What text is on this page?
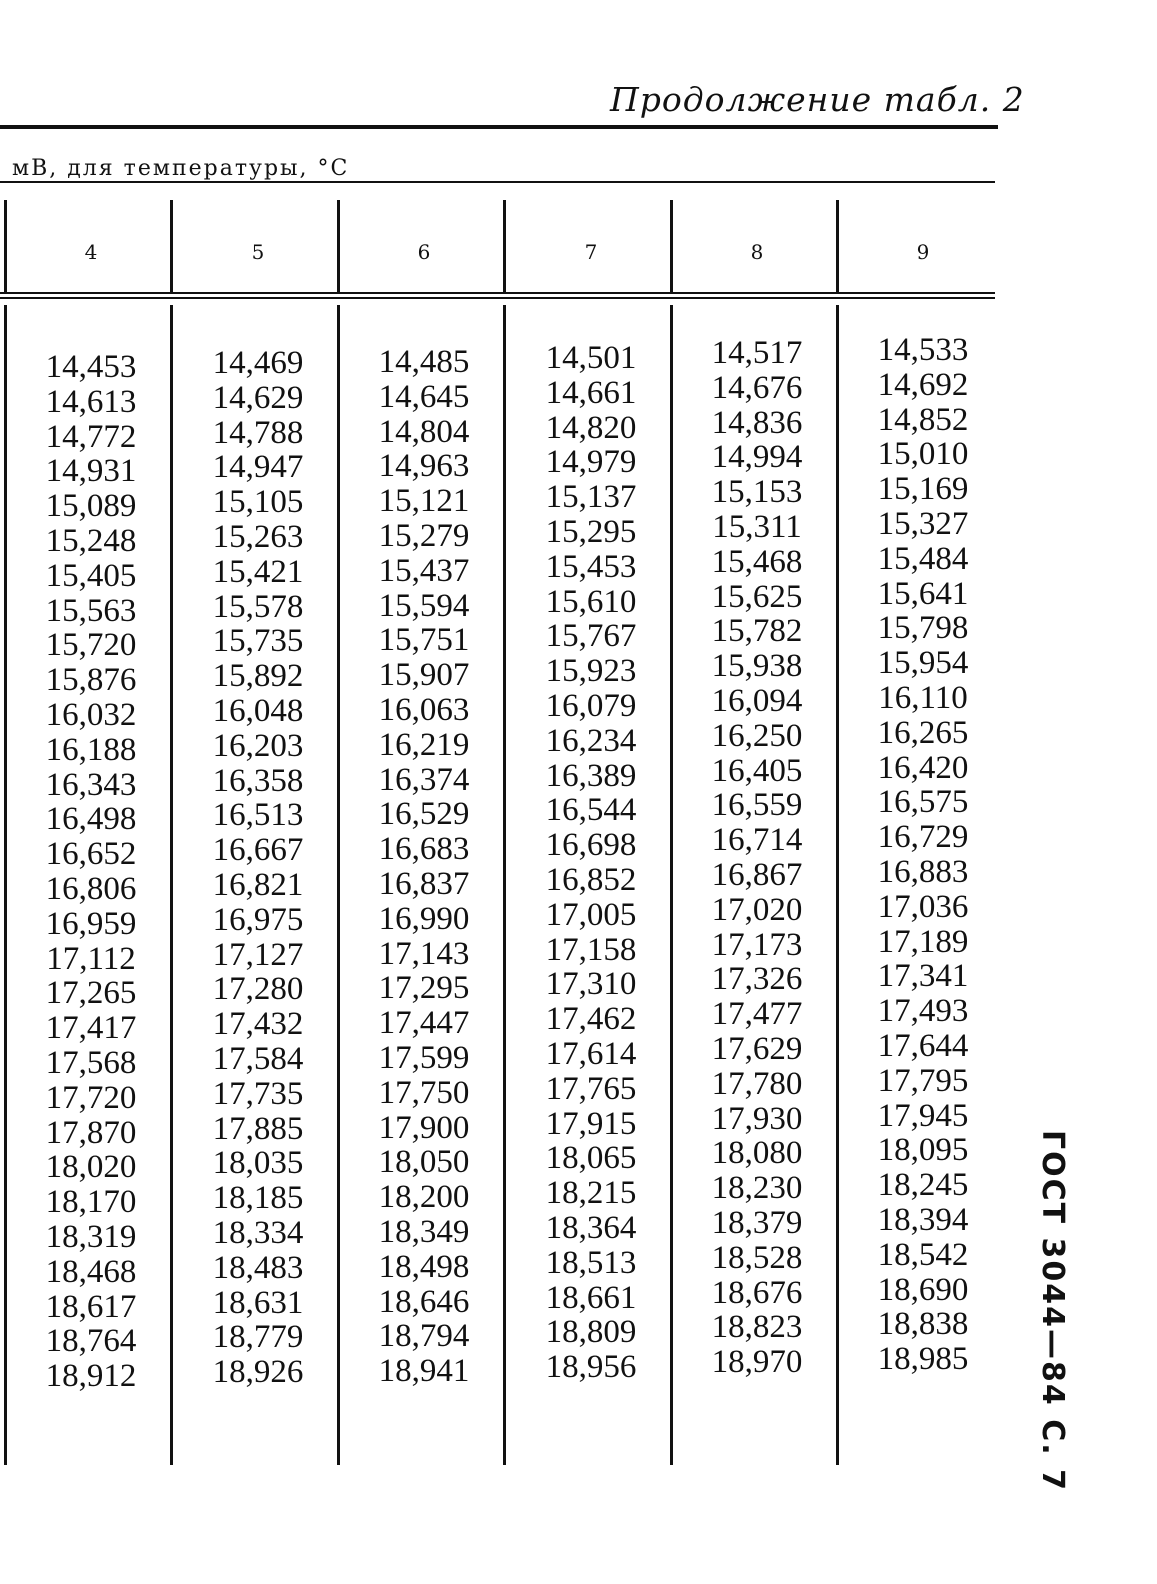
Продолжение табл. 2
мВ, для температуры, °C
4
14,453
14,613
14,772
14,931
15,089
15,248
15,405
15,563
15,720
15,876
16,032
16,188
16,343
16,498
16,652
16,806
16,959
17,112
17,265
17,417
17,568
17,720
17,870
18,020
18,170
18,319
18,468
18,617
18,764
18,912
5
14,469
14,629
14,788
14,947
15,105
15,263
15,421
15,578
15,735
15,892
16,048
16,203
16,358
16,513
16,667
16,821
16,975
17,127
17,280
17,432
17,584
17,735
17,885
18,035
18,185
18,334
18,483
18,631
18,779
18,926
6
14,485
14,645
14,804
14,963
15,121
15,279
15,437
15,594
15,751
15,907
16,063
16,219
16,374
16,529
16,683
16,837
16,990
17,143
17,295
17,447
17,599
17,750
17,900
18,050
18,200
18,349
18,498
18,646
18,794
18,941
7
14,501
14,661
14,820
14,979
15,137
15,295
15,453
15,610
15,767
15,923
16,079
16,234
16,389
16,544
16,698
16,852
17,005
17,158
17,310
17,462
17,614
17,765
17,915
18,065
18,215
18,364
18,513
18,661
18,809
18,956
8
14,517
14,676
14,836
14,994
15,153
15,311
15,468
15,625
15,782
15,938
16,094
16,250
16,405
16,559
16,714
16,867
17,020
17,173
17,326
17,477
17,629
17,780
17,930
18,080
18,230
18,379
18,528
18,676
18,823
18,970
9
14,533
14,692
14,852
15,010
15,169
15,327
15,484
15,641
15,798
15,954
16,110
16,265
16,420
16,575
16,729
16,883
17,036
17,189
17,341
17,493
17,644
17,795
17,945
18,095
18,245
18,394
18,542
18,690
18,838
18,985	ГОСТ 3044—84 С. 7
